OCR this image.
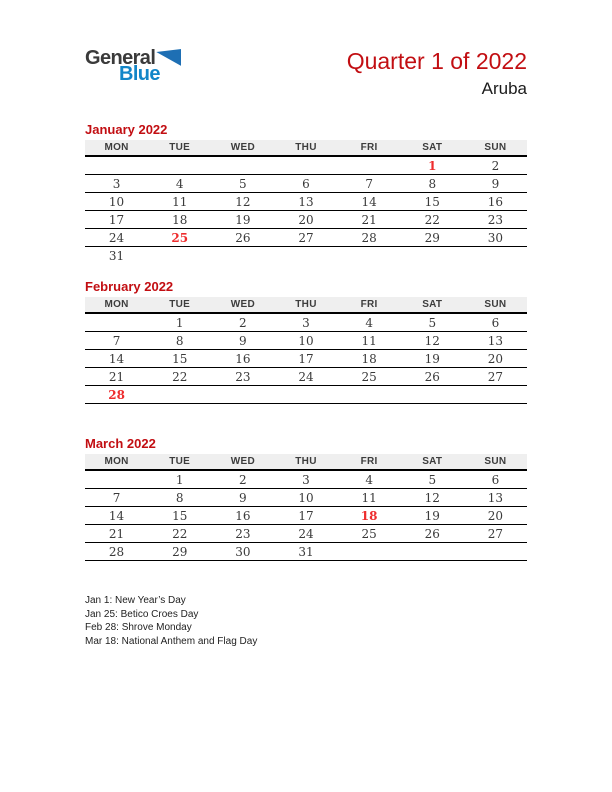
General
Blue	Quarter 1 of 2022
Aruba
January 2022
MON	TUE	WED	THU	FRI	SAT	SUN
					1	2
3	4	5	6	7	8	9
10	11	12	13	14	15	16
17	18	19	20	21	22	23
24	25	26	27	28	29	30
31						
February 2022
MON	TUE	WED	THU	FRI	SAT	SUN
	1	2	3	4	5	6
7	8	9	10	11	12	13
14	15	16	17	18	19	20
21	22	23	24	25	26	27
28						

March 2022
MON	TUE	WED	THU	FRI	SAT	SUN
	1	2	3	4	5	6
7	8	9	10	11	12	13
14	15	16	17	18	19	20
21	22	23	24	25	26	27
28	29	30	31			

Jan 1: New Year’s Day
Jan 25: Betico Croes Day
Feb 28: Shrove Monday
Mar 18: National Anthem and Flag Day
